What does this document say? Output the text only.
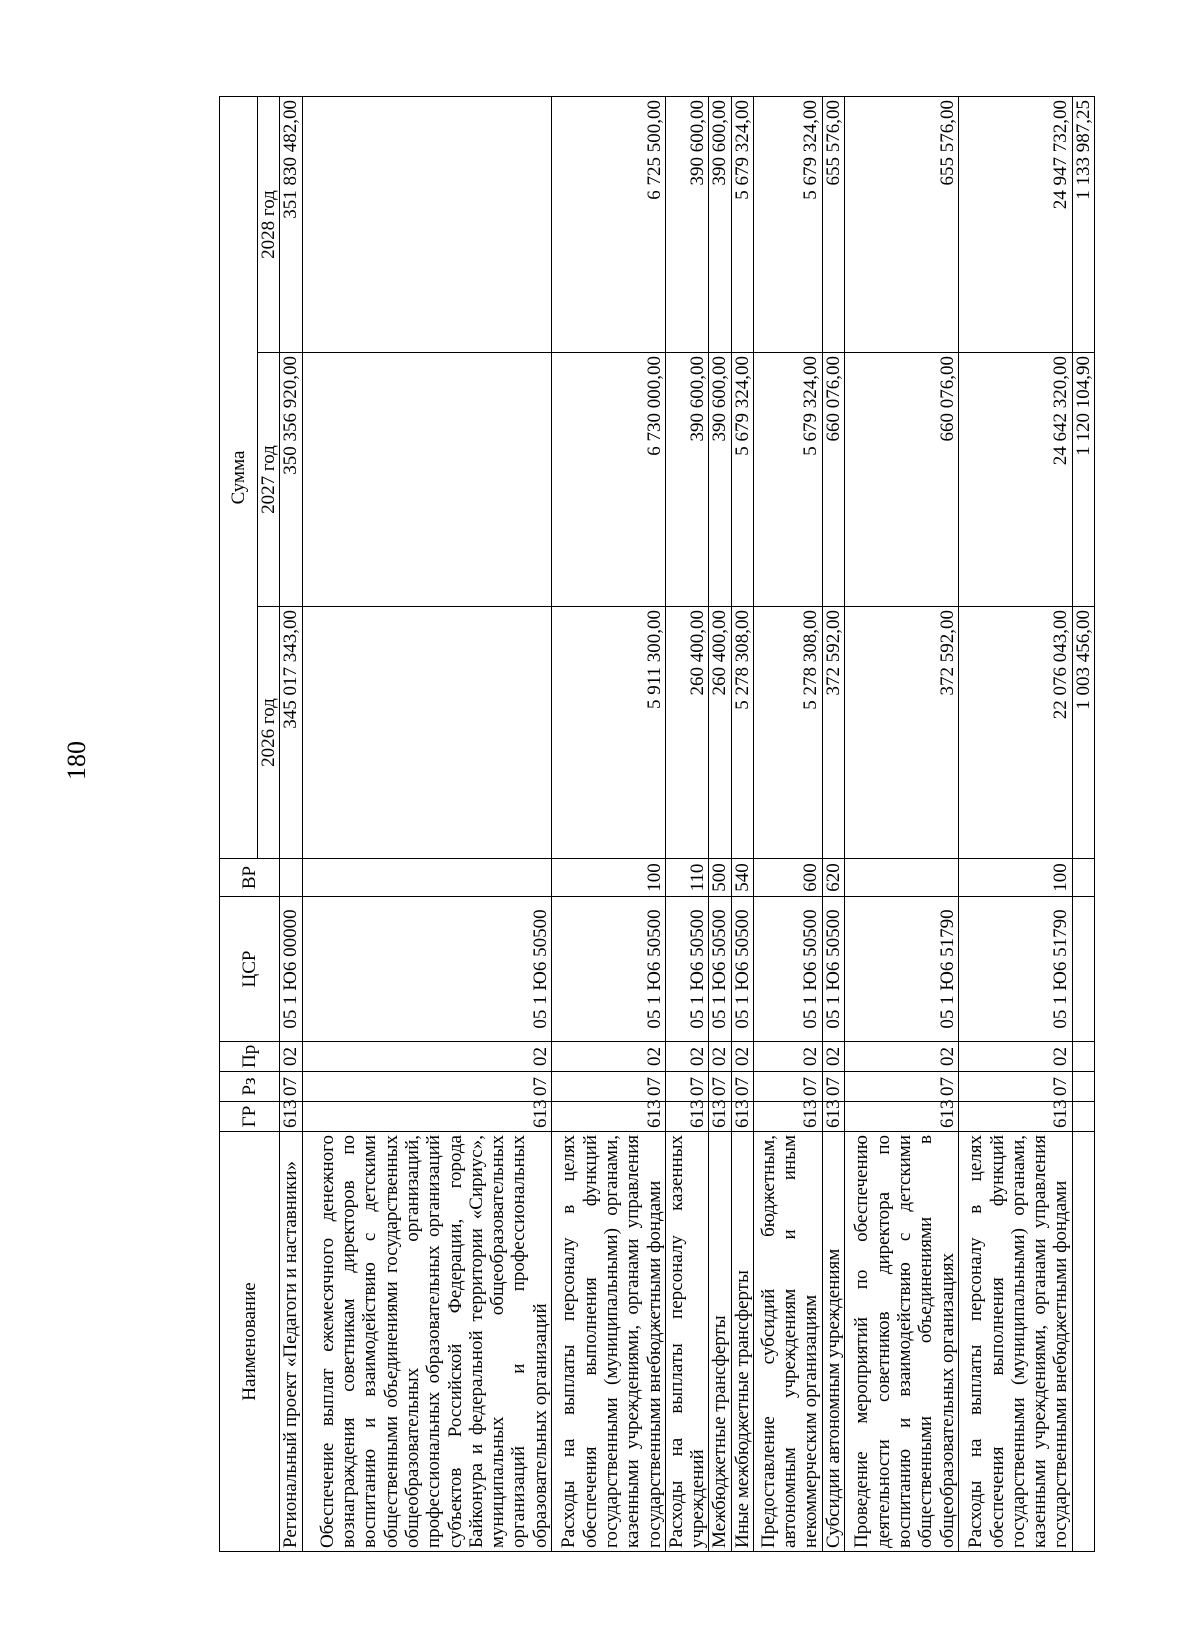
180
Наименование	ГР	Рз	Пр	ЦСР	ВР	Сумма		
						2026 год	2027 год	2028 год
Региональный проект «Педагоги и наставники»	613	07	02	05 1 Ю6 00000		345 017 343,00	350 356 920,00	351 830 482,00
Обеспечение выплат ежемесячного денежного вознаграждения советникам директоров по воспитанию и взаимодействию с детскими общественными объединениями государственных общеобразовательных организаций, профессиональных образовательных организаций субъектов Российской Федерации, города Байконура и федеральной территории «Сириус», муниципальных общеобразовательных организаций и профессиональных образовательных организаций	613	07	02	05 1 Ю6 50500				
Расходы на выплаты персоналу в целях обеспечения выполнения функций государственными (муниципальными) органами, казенными учреждениями, органами управления государственными внебюджетными фондами	613	07	02	05 1 Ю6 50500	100	5 911 300,00	6 730 000,00	6 725 500,00
Расходы на выплаты персоналу казенных учреждений	613	07	02	05 1 Ю6 50500	110	260 400,00	390 600,00	390 600,00
Межбюджетные трансферты	613	07	02	05 1 Ю6 50500	500	260 400,00	390 600,00	390 600,00
Иные межбюджетные трансферты	613	07	02	05 1 Ю6 50500	540	5 278 308,00	5 679 324,00	5 679 324,00
Предоставление субсидий бюджетным, автономным учреждениям и иным некоммерческим организациям	613	07	02	05 1 Ю6 50500	600	5 278 308,00	5 679 324,00	5 679 324,00
Субсидии автономным учреждениям	613	07	02	05 1 Ю6 50500	620	372 592,00	660 076,00	655 576,00
Проведение мероприятий по обеспечению деятельности советников директора по воспитанию и взаимодействию с детскими общественными объединениями в общеобразовательных организациях	613	07	02	05 1 Ю6 51790		372 592,00	660 076,00	655 576,00
Расходы на выплаты персоналу в целях обеспечения выполнения функций государственными (муниципальными) органами, казенными учреждениями, органами управления государственными внебюджетными фондами	613	07	02	05 1 Ю6 51790	100	22 076 043,00	24 642 320,00	24 947 732,00
						1 003 456,00	1 120 104,90	1 133 987,25
